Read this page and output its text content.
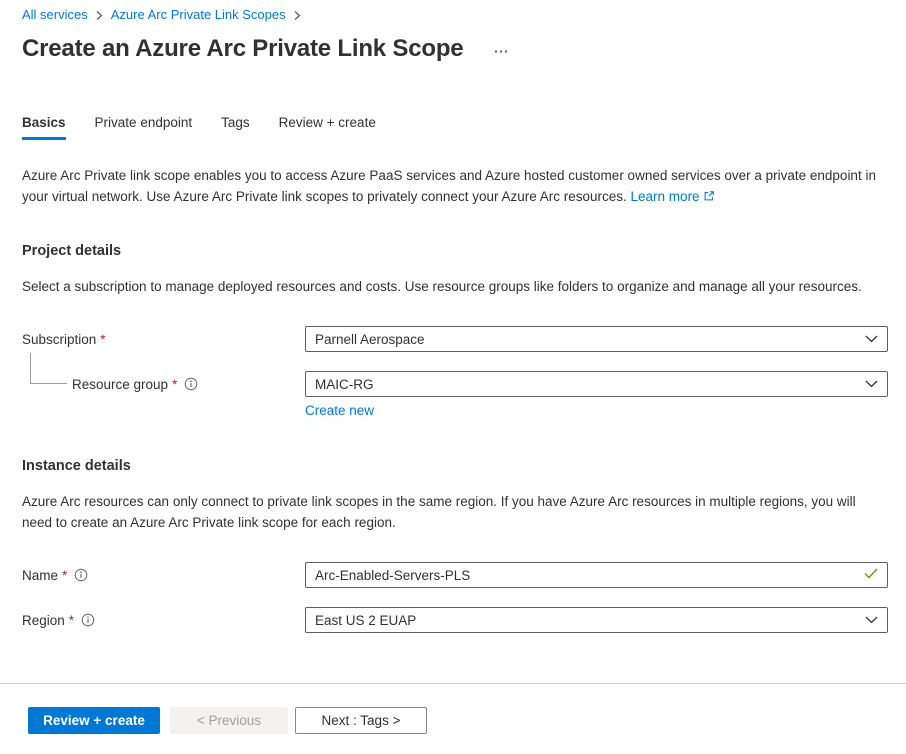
All services Azure Arc Private Link Scopes
Create an Azure Arc Private Link Scope ⋯
Basics Private endpoint Tags Review + create

Azure Arc Private link scope enables you to access Azure PaaS services and Azure hosted customer owned services over a private endpoint in your virtual network. Use Azure Arc Private link scopes to privately connect your Azure Arc resources. Learn more

Project details

Select a subscription to manage deployed resources and costs. Use resource groups like folders to organize and manage all your resources.

Subscription *	Parnell Aerospace
Resource group *	MAIC-RG
Create new
Instance details

Azure Arc resources can only connect to private link scopes in the same region. If you have Azure Arc resources in multiple regions, you will need to create an Azure Arc Private link scope for each region.

Name *	Arc-Enabled-Servers-PLS
Region *	East US 2 EUAP
Review + create	< Previous	Next : Tags >
